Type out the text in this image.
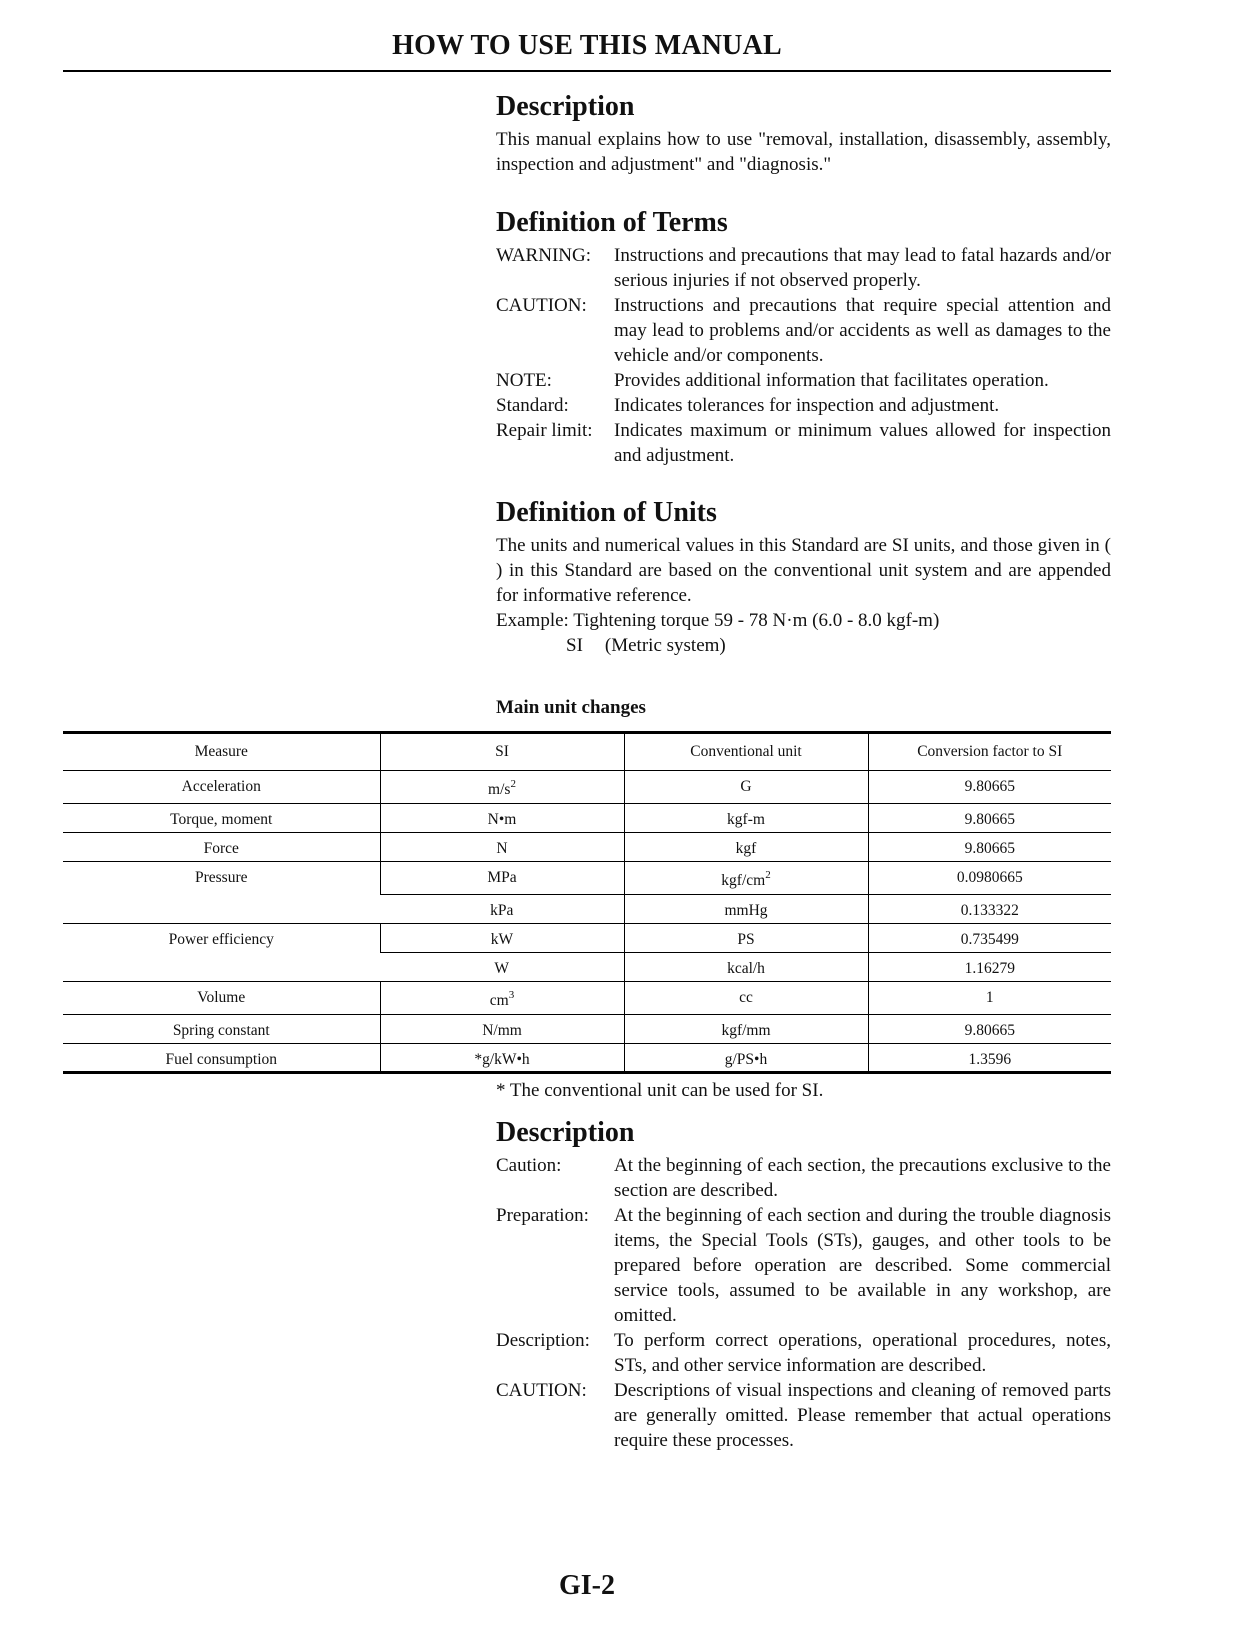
HOW TO USE THIS MANUAL
Description

This manual explains how to use "removal, installation, disassembly, assembly, inspection and adjustment" and "diagnosis."

Definition of Terms
WARNING:	Instructions and precautions that may lead to fatal hazards and/or serious injuries if not observed properly.
CAUTION:	Instructions and precautions that require special attention and may lead to problems and/or accidents as well as damages to the vehicle and/or components.
NOTE:	Provides additional information that facilitates operation.
Standard:	Indicates tolerances for inspection and adjustment.
Repair limit:	Indicates maximum or minimum values allowed for inspection and adjustment.
Definition of Units

The units and numerical values in this Standard are SI units, and those given in ( ) in this Standard are based on the conventional unit system and are appended for informative reference.

Example: Tightening torque 59 - 78 N·m (6.0 - 8.0 kgf-m)
SI (Metric system)
Main unit changes
Measure	SI	Conventional unit	Conversion factor to SI
Acceleration	$m/s^2$	G	9.80665
Torque, moment	N•m	kgf-m	9.80665
Force	N	kgf	9.80665
Pressure	MPa	kgf/$cm^2$	0.0980665
	kPa	mmHg	0.133322
Power efficiency	kW	PS	0.735499
	W	kcal/h	1.16279
Volume	$cm^3$	cc	1
Spring constant	N/mm	kgf/mm	9.80665
Fuel consumption	*g/kW•h	g/PS•h	1.3596
* The conventional unit can be used for SI.
Description
Caution:	At the beginning of each section, the precautions exclusive to the section are described.
Preparation:	At the beginning of each section and during the trouble diagnosis items, the Special Tools (STs), gauges, and other tools to be prepared before operation are described. Some commercial service tools, assumed to be available in any workshop, are omitted.
Description:	To perform correct operations, operational procedures, notes, STs, and other service information are described.
CAUTION:	Descriptions of visual inspections and cleaning of removed parts are generally omitted. Please remember that actual operations require these processes.
GI-2
